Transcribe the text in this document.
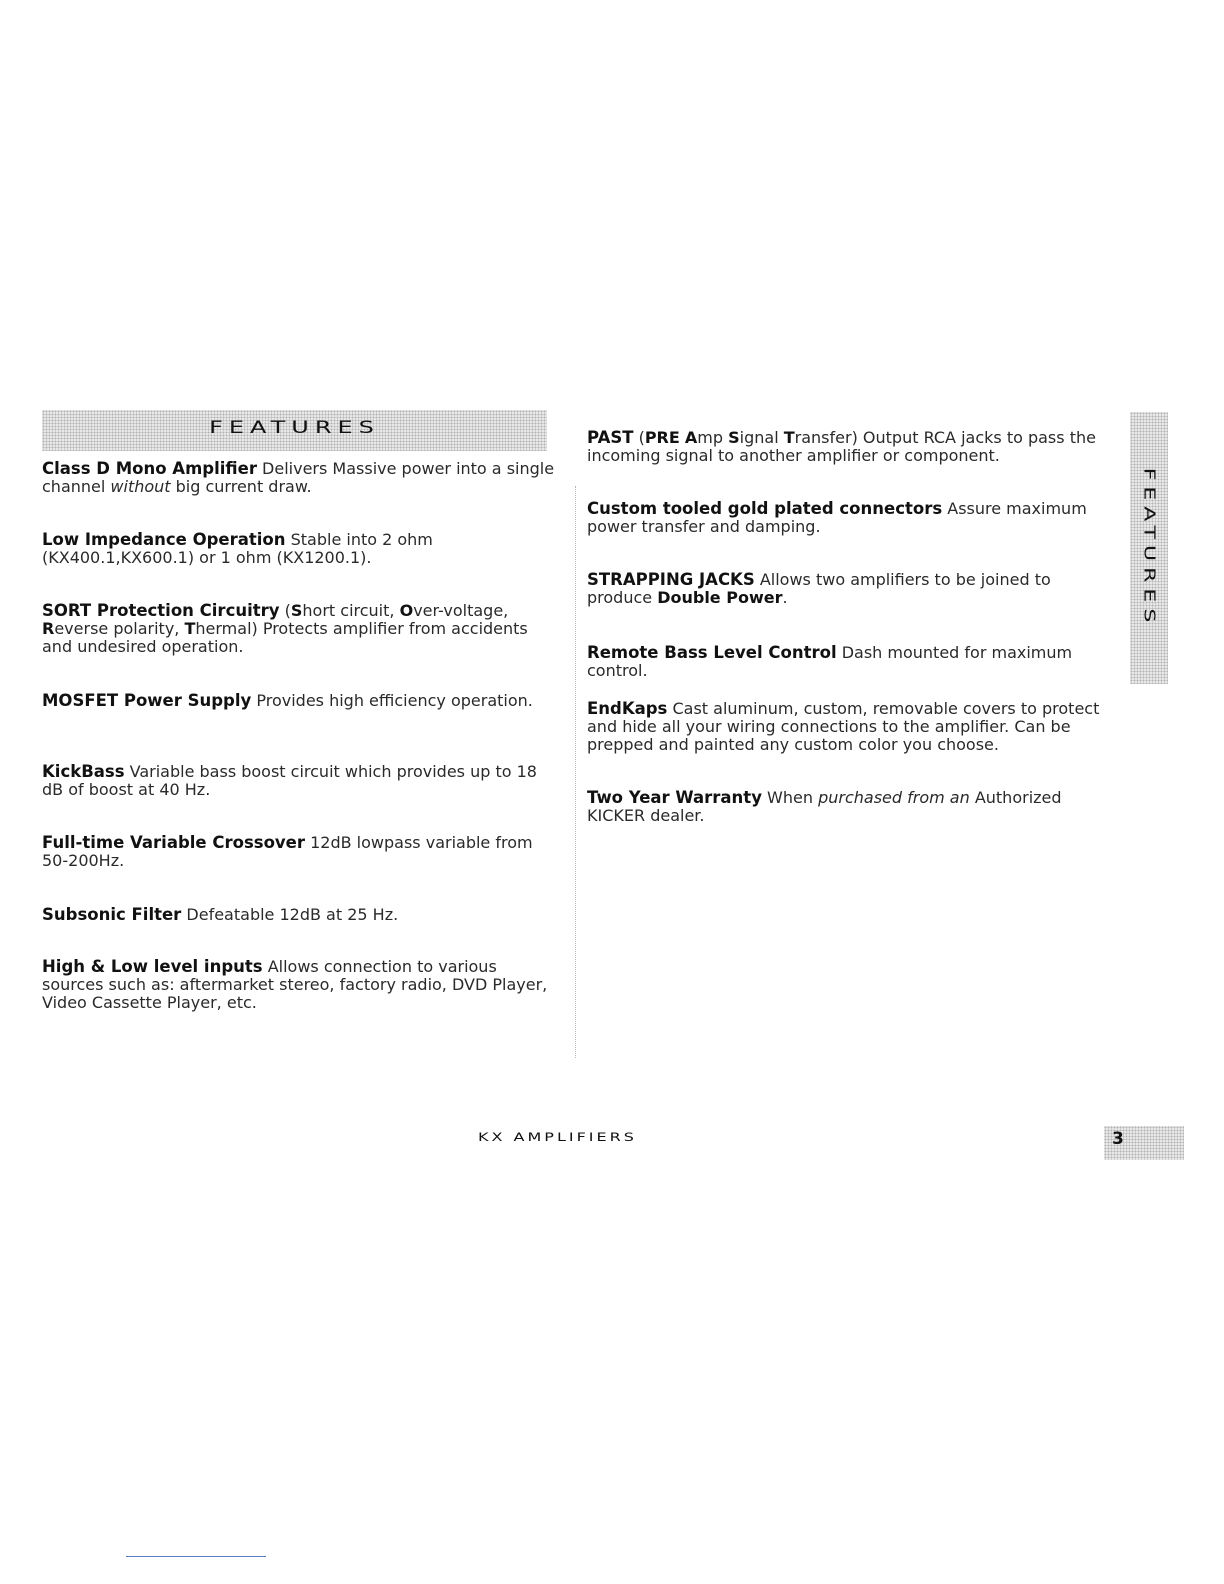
FEATURES
FEATURES

Class D Mono Amplifier Delivers Massive power into a single channel without big current draw.

Low Impedance Operation Stable into 2 ohm (KX400.1,KX600.1) or 1 ohm (KX1200.1).

SORT Protection Circuitry (Short circuit, Over-voltage, Reverse polarity, Thermal) Protects amplifier from accidents and undesired operation.

MOSFET Power Supply Provides high efficiency operation.

KickBass Variable bass boost circuit which provides up to 18 dB of boost at 40 Hz.

Full-time Variable Crossover 12dB lowpass variable from 50-200Hz.

Subsonic Filter Defeatable 12dB at 25 Hz.

High & Low level inputs Allows connection to various sources such as: aftermarket stereo, factory radio, DVD Player, Video Cassette Player, etc.

PAST (PRE Amp Signal Transfer) Output RCA jacks to pass the incoming signal to another amplifier or component.

Custom tooled gold plated connectors Assure maximum power transfer and damping.

STRAPPING JACKS Allows two amplifiers to be joined to produce Double Power.

Remote Bass Level Control Dash mounted for maximum control.

EndKaps Cast aluminum, custom, removable covers to protect and hide all your wiring connections to the amplifier. Can be prepped and painted any custom color you choose.

Two Year Warranty When purchased from an Authorized KICKER dealer.

KX AMPLIFIERS	3
